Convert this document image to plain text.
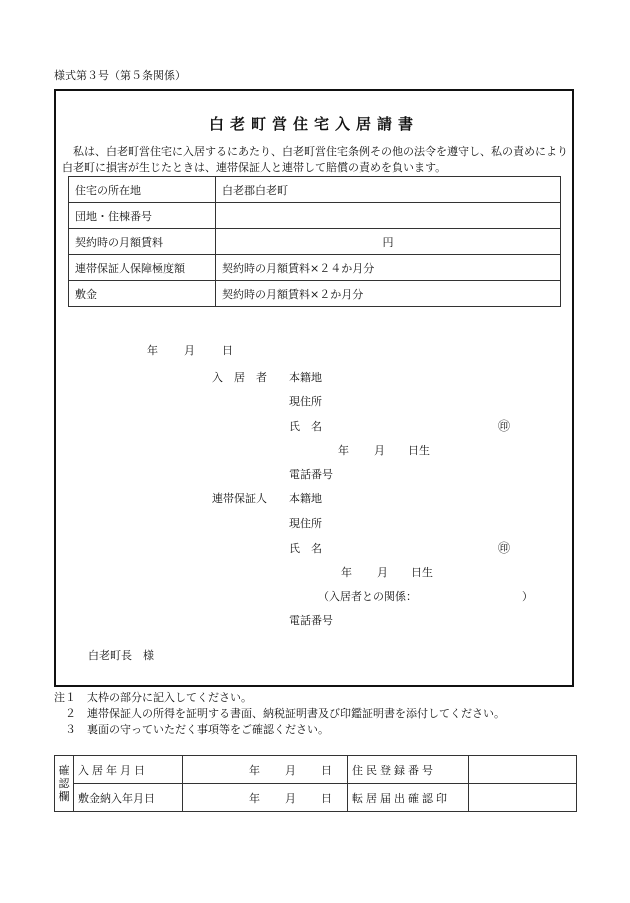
様式第３号（第５条関係）
白老町営住宅入居請書
私は、白老町営住宅に入居するにあたり、白老町営住宅条例その他の法令を遵守し、私の責めにより白老町に損害が生じたときは、連帯保証人と連帯して賠償の責めを負います。
住宅の所在地	白老郡白老町
団地・住棟番号	
契約時の月額賃料	円
連帯保証人保障極度額	契約時の月額賃料×２４か月分
敷金	契約時の月額賃料×２か月分
年 月 日
入　居　者 本籍地
現住所
氏　名	㊞
年 月 日生
電話番号
連帯保証人 本籍地
現住所
氏　名	㊞
年 月 日生
（入居者との関係：	）
電話番号
白老町長　様
注１　 太枠の部分に記入してください。
　２　 連帯保証人の所得を証明する書面、納税証明書及び印鑑証明書を添付してください。
　３　 裏面の守っていただく事項等をご確認ください。
確
認
欄	入居年月日	年 月 日	住民登録番号	
	敷金納入年月日	年 月 日	転居届出確認印	
